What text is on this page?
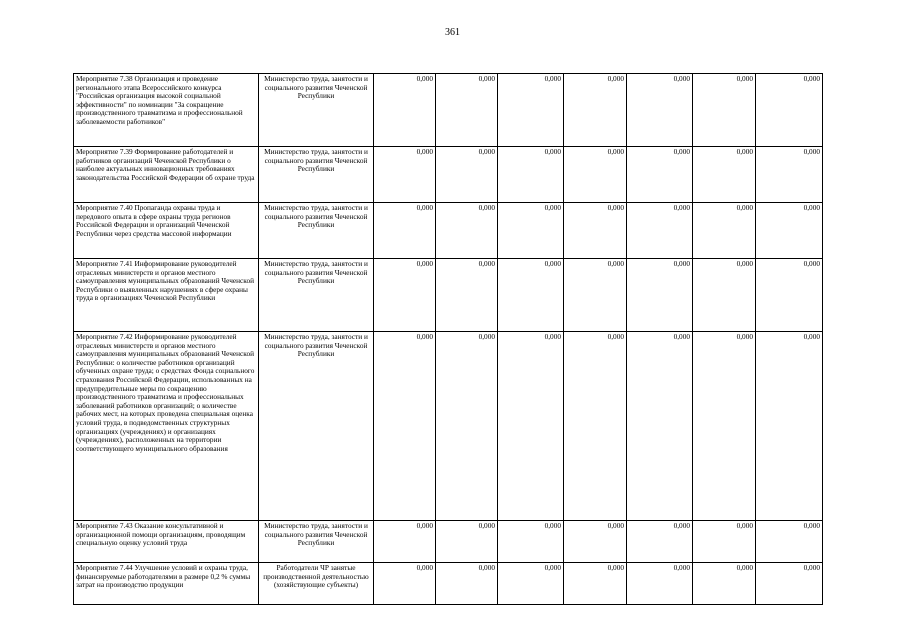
361
Мероприятие 7.38 Организация и проведение регионального этапа Всероссийского конкурса "Российская организация высокой социальной эффективности" по номинации "За сокращение производственного травматизма и профессиональной заболеваемости работников"	Министерство труда, занятости и социального развития Чеченской Республики	0,000	0,000	0,000	0,000	0,000	0,000	0,000
Мероприятие 7.39 Формирование работодателей и работников организаций Чеченской Республики о наиболее актуальных инновационных требованиях законодательства Российской Федерации об охране труда	Министерство труда, занятости и социального развития Чеченской Республики	0,000	0,000	0,000	0,000	0,000	0,000	0,000
Мероприятие 7.40 Пропаганда охраны труда и передового опыта в сфере охраны труда регионов Российской Федерации и организаций Чеченской Республики через средства массовой информации	Министерство труда, занятости и социального развития Чеченской Республики	0,000	0,000	0,000	0,000	0,000	0,000	0,000
Мероприятие 7.41 Информирование руководителей отраслевых министерств и органов местного самоуправления муниципальных образований Чеченской Республики о выявленных нарушениях в сфере охраны труда в организациях Чеченской Республики	Министерство труда, занятости и социального развития Чеченской Республики	0,000	0,000	0,000	0,000	0,000	0,000	0,000
Мероприятие 7.42 Информирование руководителей отраслевых министерств и органов местного самоуправления муниципальных образований Чеченской Республики: о количестве работников организаций обученных охране труда; о средствах Фонда социального страхования Российской Федерации, использованных на предупредительные меры по сокращению производственного травматизма и профессиональных заболеваний работников организаций; о количестве рабочих мест, на которых проведена специальная оценка условий труда, в подведомственных структурных организациях (учреждениях) и организациях (учреждениях), расположенных на территории соответствующего муниципального образования	Министерство труда, занятости и социального развития Чеченской Республики	0,000	0,000	0,000	0,000	0,000	0,000	0,000
Мероприятие 7.43 Оказание консультативной и организационной помощи организациям, проводящим специальную оценку условий труда	Министерство труда, занятости и социального развития Чеченской Республики	0,000	0,000	0,000	0,000	0,000	0,000	0,000
Мероприятие 7.44 Улучшение условий и охраны труда, финансируемые работодателями в размере 0,2 % суммы затрат на производство продукции	Работодатели ЧР занятые производственной деятельностью (хозяйствующие субъекты)	0,000	0,000	0,000	0,000	0,000	0,000	0,000
